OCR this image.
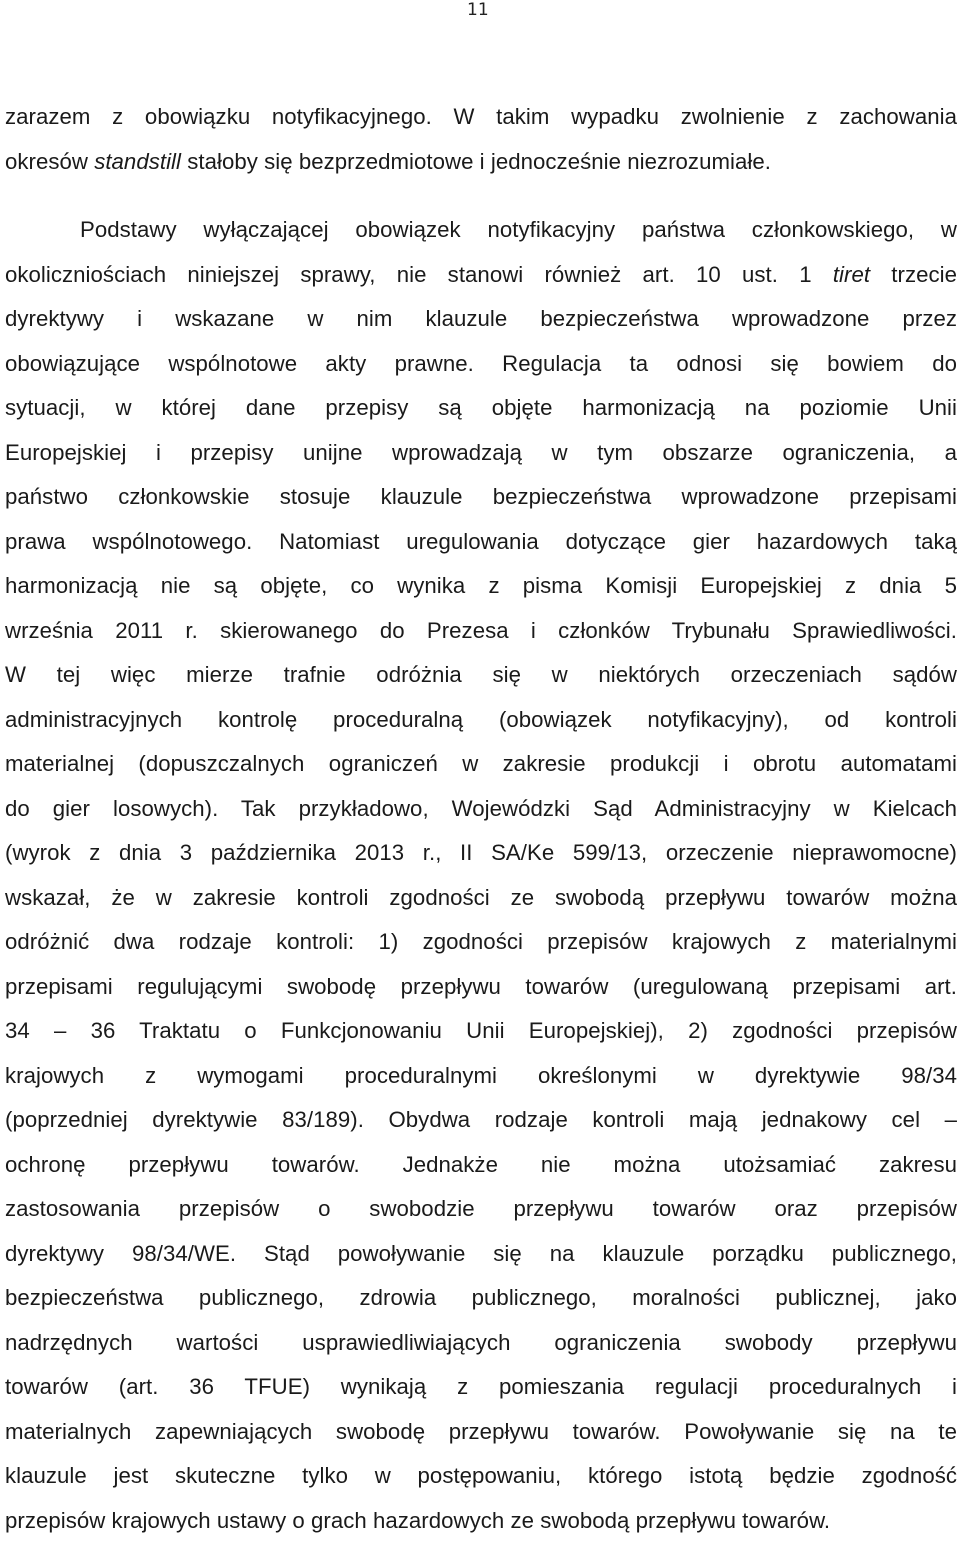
11
zarazem z obowiązku notyfikacyjnego. W takim wypadku zwolnienie z zachowania
okresów standstill stałoby się bezprzedmiotowe i jednocześnie niezrozumiałe.
Podstawy wyłączającej obowiązek notyfikacyjny państwa członkowskiego, w
okoliczniościach niniejszej sprawy, nie stanowi również art. 10 ust. 1 tiret trzecie
dyrektywy i wskazane w nim klauzule bezpieczeństwa wprowadzone przez
obowiązujące wspólnotowe akty prawne. Regulacja ta odnosi się bowiem do
sytuacji, w której dane przepisy są objęte harmonizacją na poziomie Unii
Europejskiej i przepisy unijne wprowadzają w tym obszarze ograniczenia, a
państwo członkowskie stosuje klauzule bezpieczeństwa wprowadzone przepisami
prawa wspólnotowego. Natomiast uregulowania dotyczące gier hazardowych taką
harmonizacją nie są objęte, co wynika z pisma Komisji Europejskiej z dnia 5
września 2011 r. skierowanego do Prezesa i członków Trybunału Sprawiedliwości.
W tej więc mierze trafnie odróżnia się w niektórych orzeczeniach sądów
administracyjnych kontrolę proceduralną (obowiązek notyfikacyjny), od kontroli
materialnej (dopuszczalnych ograniczeń w zakresie produkcji i obrotu automatami
do gier losowych). Tak przykładowo, Wojewódzki Sąd Administracyjny w Kielcach
(wyrok z dnia 3 października 2013 r., II SA/Ke 599/13, orzeczenie nieprawomocne)
wskazał, że w zakresie kontroli zgodności ze swobodą przepływu towarów można
odróżnić dwa rodzaje kontroli: 1) zgodności przepisów krajowych z materialnymi
przepisami regulującymi swobodę przepływu towarów (uregulowaną przepisami art.
34 – 36 Traktatu o Funkcjonowaniu Unii Europejskiej), 2) zgodności przepisów
krajowych z wymogami proceduralnymi określonymi w dyrektywie 98/34
(poprzedniej dyrektywie 83/189). Obydwa rodzaje kontroli mają jednakowy cel –
ochronę przepływu towarów. Jednakże nie można utożsamiać zakresu
zastosowania przepisów o swobodzie przepływu towarów oraz przepisów
dyrektywy 98/34/WE. Stąd powoływanie się na klauzule porządku publicznego,
bezpieczeństwa publicznego, zdrowia publicznego, moralności publicznej, jako
nadrzędnych wartości usprawiedliwiających ograniczenia swobody przepływu
towarów (art. 36 TFUE) wynikają z pomieszania regulacji proceduralnych i
materialnych zapewniających swobodę przepływu towarów. Powoływanie się na te
klauzule jest skuteczne tylko w postępowaniu, którego istotą będzie zgodność
przepisów krajowych ustawy o grach hazardowych ze swobodą przepływu towarów.
